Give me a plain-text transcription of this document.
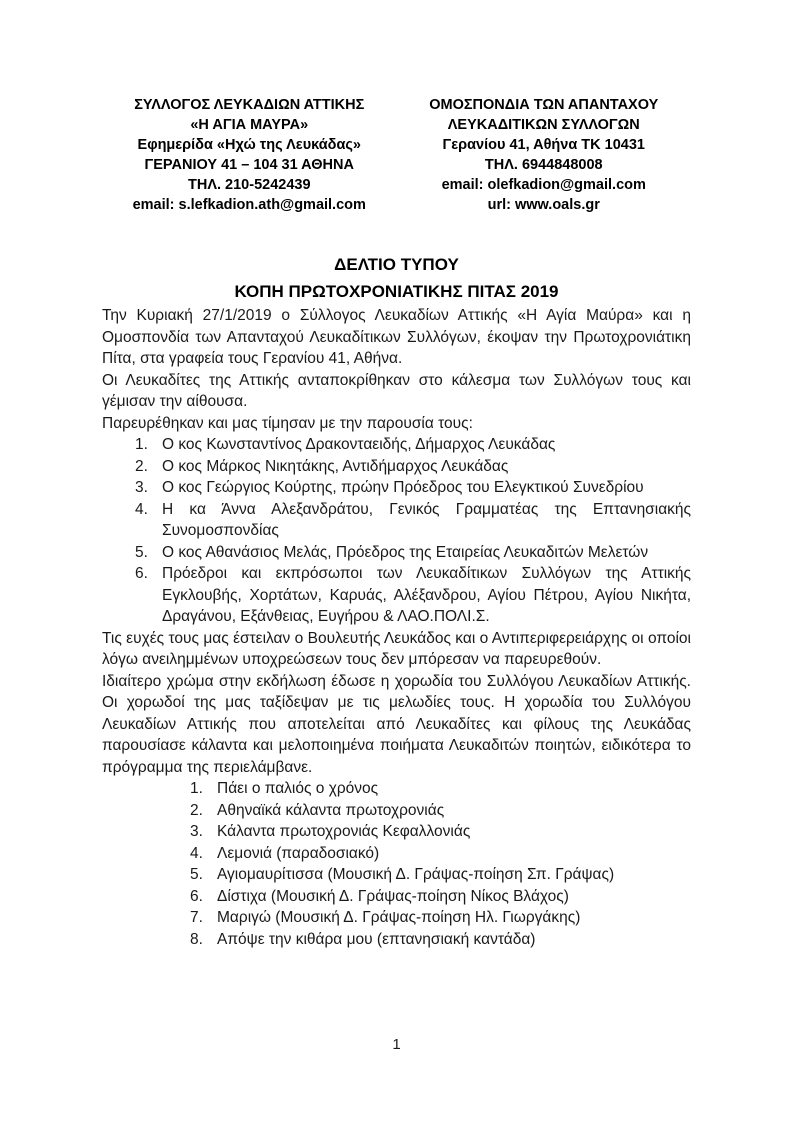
ΣΥΛΛΟΓΟΣ ΛΕΥΚΑΔΙΩΝ ΑΤΤΙΚΗΣ
«Η ΑΓΙΑ ΜΑΥΡΑ»
Εφημερίδα «Ηχώ της Λευκάδας»
ΓΕΡΑΝΙΟΥ 41 – 104 31 ΑΘΗΝΑ
ΤΗΛ. 210-5242439
email: s.lefkadion.ath@gmail.com
ΟΜΟΣΠΟΝΔΙΑ ΤΩΝ ΑΠΑΝΤΑΧΟΥ
ΛΕΥΚΑΔΙΤΙΚΩΝ ΣΥΛΛΟΓΩΝ
Γερανίου 41, Αθήνα ΤΚ 10431
ΤΗΛ. 6944848008
email: olefkadion@gmail.com
url: www.oals.gr
ΔΕΛΤΙΟ ΤΥΠΟΥ
ΚΟΠΗ ΠΡΩΤΟΧΡΟΝΙΑΤΙΚΗΣ ΠΙΤΑΣ 2019

Την Κυριακή 27/1/2019 ο Σύλλογος Λευκαδίων Αττικής «Η Αγία Μαύρα» και η Ομοσπονδία των Απανταχού Λευκαδίτικων Συλλόγων, έκοψαν την Πρωτοχρονιάτικη Πίτα, στα γραφεία τους Γερανίου 41, Αθήνα.

Οι Λευκαδίτες της Αττικής ανταποκρίθηκαν στο κάλεσμα των Συλλόγων τους και γέμισαν την αίθουσα.

Παρευρέθηκαν και μας τίμησαν με την παρουσία τους:

Ο κος Κωνσταντίνος Δρακονταειδής, Δήμαρχος Λευκάδας
Ο κος Μάρκος Νικητάκης, Αντιδήμαρχος Λευκάδας
Ο κος Γεώργιος Κούρτης, πρώην Πρόεδρος του Ελεγκτικού Συνεδρίου
Η κα Άννα Αλεξανδράτου, Γενικός Γραμματέας της Επτανησιακής Συνομοσπονδίας
Ο κος Αθανάσιος Μελάς, Πρόεδρος της Εταιρείας Λευκαδιτών Μελετών
Πρόεδροι και εκπρόσωποι των Λευκαδίτικων Συλλόγων της Αττικής Εγκλουβής, Χορτάτων, Καρυάς, Αλέξανδρου, Αγίου Πέτρου, Αγίου Νικήτα, Δραγάνου, Εξάνθειας, Ευγήρου & ΛΑΟ.ΠΟΛΙ.Σ.

Τις ευχές τους μας έστειλαν ο Βουλευτής Λευκάδος και ο Αντιπεριφερειάρχης οι οποίοι λόγω ανειλημμένων υποχρεώσεων τους δεν μπόρεσαν να παρευρεθούν.

Ιδιαίτερο χρώμα στην εκδήλωση έδωσε η χορωδία του Συλλόγου Λευκαδίων Αττικής. Οι χορωδοί της μας ταξίδεψαν με τις μελωδίες τους. Η χορωδία του Συλλόγου Λευκαδίων Αττικής που αποτελείται από Λευκαδίτες και φίλους της Λευκάδας παρουσίασε κάλαντα και μελοποιημένα ποιήματα Λευκαδιτών ποιητών, ειδικότερα το πρόγραμμα της περιελάμβανε.

Πάει ο παλιός ο χρόνος
Αθηναϊκά κάλαντα πρωτοχρονιάς
Κάλαντα πρωτοχρονιάς Κεφαλλονιάς
Λεμονιά (παραδοσιακό)
Αγιομαυρίτισσα (Μουσική Δ. Γράψας-ποίηση Σπ. Γράψας)
Δίστιχα (Μουσική Δ. Γράψας-ποίηση Νίκος Βλάχος)
Μαριγώ (Μουσική Δ. Γράψας-ποίηση Ηλ. Γιωργάκης)
Απόψε την κιθάρα μου (επτανησιακή καντάδα)
1
